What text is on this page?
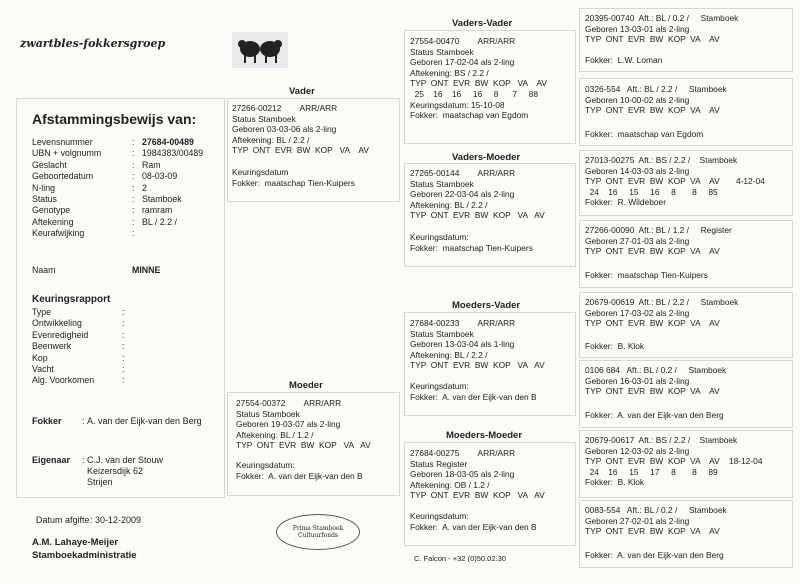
zwartbles-fokkersgroep
Afstammingsbewijs van:
Levensnummer	: 27684-00489
UBN + volgnumm	: 1984383/00489
Geslacht	: Ram
Geboortedatum	: 08-03-09
N-ling	: 2
Status	: Stamboek
Genotype	: ramram
Aftekening	: BL / 2.2 /
Keurafwijking	:
Naam	MINNE
Keuringsrapport
Type	:
Ontwikkeling	:
Evenredigheid	:
Beenwerk	:
Kop	:
Vacht	:
Alg. Voorkomen	:
Fokker	: A. van der Eijk-van den Berg
Eigenaar	: C.J. van der Stouw
Keizersdijk 62
Strijen
Datum afgifte : 30-12-2009
A.M. Lahaye-Meijer
Stamboekadministratie
Prima Stamboek Cultuurfonds
C. Falcon - +32 (0)50.02.30
Vader
27266-00212        ARR/ARR
Status Stamboek
Geboren 03-03-06 als 2-ling
Aftekening: BL / 2.2 /
TYP  ONT  EVR  BW  KOP   VA    AV
Keuringsdatum
Fokker:  maatschap Tien-Kuipers
Moeder
27554-00372        ARR/ARR
Status Stamboek
Geboren 19-03-07 als 2-ling
Aftekening: BL / 1.2 /
TYP  ONT  EVR  BW  KOP   VA   AV
Keuringsdatum:
Fokker:  A. van der Eijk-van den B
Vaders-Vader
27554-00470        ARR/ARR
Status Stamboek
Geboren 17-02-04 als 2-ling
Aftekening: BS / 2.2 /
TYP  ONT  EVR  BW  KOP   VA    AV
25    16    16     16     8      7     88
Keuringsdatum: 15-10-08
Fokker:  maatschap van Egdom
Vaders-Moeder
27265-00144        ARR/ARR
Status Stamboek
Geboren 22-03-04 als 2-ling
Aftekening: BL / 2.2 /
TYP  ONT  EVR  BW  KOP   VA   AV
Keuringsdatum:
Fokker:  maatschap Tien-Kuipers
Moeders-Vader
27684-00233        ARR/ARR
Status Stamboek
Geboren 13-03-04 als 1-ling
Aftekening: BL / 2.2 /
TYP  ONT  EVR  BW  KOP   VA   AV
Keuringsdatum:
Fokker:  A. van der Eijk-van den B
Moeders-Moeder
27684-00275        ARR/ARR
Status Register
Geboren 18-03-05 als 2-ling
Aftekening: OB / 1.2 /
TYP  ONT  EVR  BW  KOP   VA   AV
Keuringsdatum:
Fokker:  A. van der Eijk-van den B
20395-00740  Aft.: BL / 0.2 /     Stamboek
Geboren 13-03-01 als 2-ling
TYP  ONT  EVR  BW  KOP  VA    AV
Fokker:  L.W. Loman
0326-554   Aft.: BL / 2.2 /     Stamboek
Geboren 10-00-02 als 2-ling
TYP  ONT  EVR  BW  KOP  VA    AV
Fokker:  maatschap van Egdom
27013-00275  Aft.: BS / 2.2 /    Stamboek
Geboren 14-03-03 als 2-ling
TYP  ONT  EVR  BW  KOP  VA    AV       4-12-04
24    16     15     16     8       8     85
Fokker:  R. Wildeboer
27266-00090  Aft.: BL / 1.2 /     Register
Geboren 27-01-03 als 2-ling
TYP  ONT  EVR  BW  KOP  VA    AV
Fokker:  maatschap Tien-Kuipers
20679-00619  Aft.: BL / 2.2 /     Stamboek
Geboren 17-03-02 als 2-ling
TYP  ONT  EVR  BW  KOP  VA    AV
Fokker:  B. Klok
0106 684   Aft.: BL / 0.2 /     Stamboek
Geboren 16-03-01 als 2-ling
TYP  ONT  EVR  BW  KOP  VA    AV
Fokker:  A. van der Eijk-van den Berg
20679-00617  Aft.: BS / 2.2 /    Stamboek
Geboren 12-03-02 als 2-ling
TYP  ONT  EVR  BW  KOP  VA    AV    18-12-04
24    16     15     17     8       8     89
Fokker:  B. Klok
0083-554   Aft.: BL / 0.2 /     Stamboek
Geboren 27-02-01 als 2-ling
TYP  ONT  EVR  BW  KOP  VA    AV
Fokker:  A. van der Eijk-van den Berg
